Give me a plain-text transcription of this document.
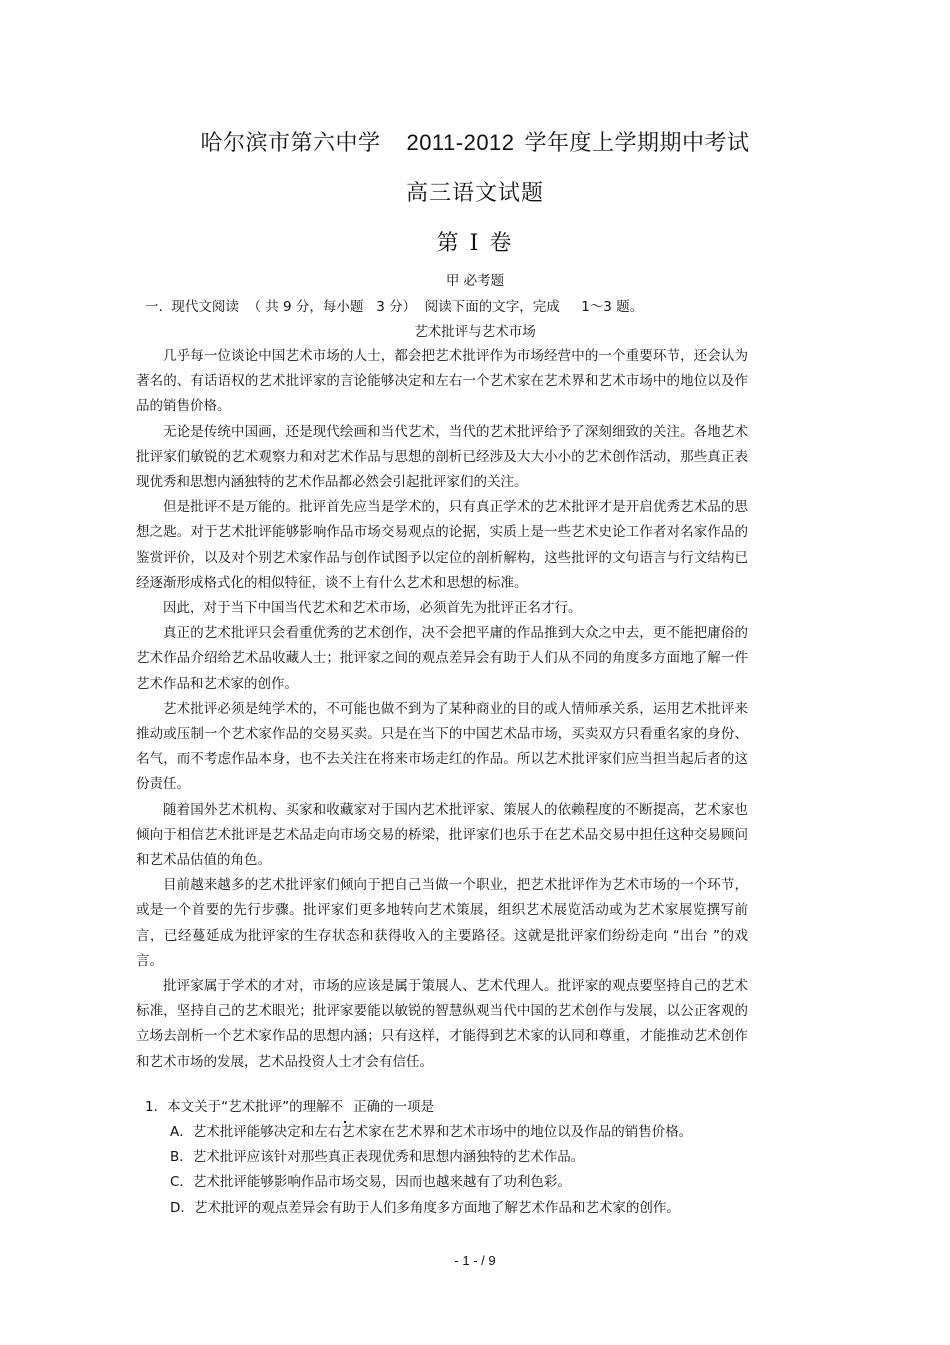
哈尔滨市第六中学 2011-2012 学年度上学期期中考试
高三语文试题
第 I 卷
甲 必考题
一.  现代文阅读  （ 共 9 分，每小题   3 分）  阅读下面的文字，完成     1～3 题。
艺术批评与艺术市场

几乎每一位谈论中国艺术市场的人士，都会把艺术批评作为市场经营中的一个重要环节，还会认为著名的、有话语权的艺术批评家的言论能够决定和左右一个艺术家在艺术界和艺术市场中的地位以及作品的销售价格。

无论是传统中国画，还是现代绘画和当代艺术，当代的艺术批评给予了深刻细致的关注。各地艺术批评家们敏锐的艺术观察力和对艺术作品与思想的剖析已经涉及大大小小的艺术创作活动，那些真正表现优秀和思想内涵独特的艺术作品都必然会引起批评家们的关注。

但是批评不是万能的。批评首先应当是学术的，只有真正学术的艺术批评才是开启优秀艺术品的思想之匙。对于艺术批评能够影响作品市场交易观点的论据，实质上是一些艺术史论工作者对名家作品的鉴赏评价，以及对个别艺术家作品与创作试图予以定位的剖析解构，这些批评的文句语言与行文结构已经逐渐形成格式化的相似特征，谈不上有什么艺术和思想的标准。

因此，对于当下中国当代艺术和艺术市场，必须首先为批评正名才行。

真正的艺术批评只会看重优秀的艺术创作，决不会把平庸的作品推到大众之中去，更不能把庸俗的艺术作品介绍给艺术品收藏人士；批评家之间的观点差异会有助于人们从不同的角度多方面地了解一件艺术作品和艺术家的创作。

艺术批评必须是纯学术的，不可能也做不到为了某种商业的目的或人情师承关系，运用艺术批评来推动或压制一个艺术家作品的交易买卖。只是在当下的中国艺术品市场，买卖双方只看重名家的身份、名气，而不考虑作品本身，也不去关注在将来市场走红的作品。所以艺术批评家们应当担当起后者的这份责任。

随着国外艺术机构、买家和收藏家对于国内艺术批评家、策展人的依赖程度的不断提高，艺术家也倾向于相信艺术批评是艺术品走向市场交易的桥梁，批评家们也乐于在艺术品交易中担任这种交易顾问和艺术品估值的角色。

目前越来越多的艺术批评家们倾向于把自己当做一个职业，把艺术批评作为艺术市场的一个环节，或是一个首要的先行步骤。批评家们更多地转向艺术策展，组织艺术展览活动或为艺术家展览撰写前言，已经蔓延成为批评家的生存状态和获得收入的主要路径。这就是批评家们纷纷走向 “出台 ”的戏言。

批评家属于学术的才对，市场的应该是属于策展人、艺术代理人。批评家的观点要坚持自己的艺术标准，坚持自己的艺术眼光；批评家要能以敏锐的智慧纵观当代中国的艺术创作与发展，以公正客观的立场去剖析一个艺术家作品的思想内涵；只有这样，才能得到艺术家的认同和尊重，才能推动艺术创作和艺术市场的发展，艺术品投资人士才会有信任。

1．本文关于“艺术批评”的理解不 正确的一项是
A．艺术批评能够决定和左右艺术家在艺术界和艺术市场中的地位以及作品的销售价格。
B．艺术批评应该针对那些真正表现优秀和思想内涵独特的艺术作品。
C．艺术批评能够影响作品市场交易，因而也越来越有了功利色彩。
D．艺术批评的观点差异会有助于人们多角度多方面地了解艺术作品和艺术家的创作。
- 1 - / 9
